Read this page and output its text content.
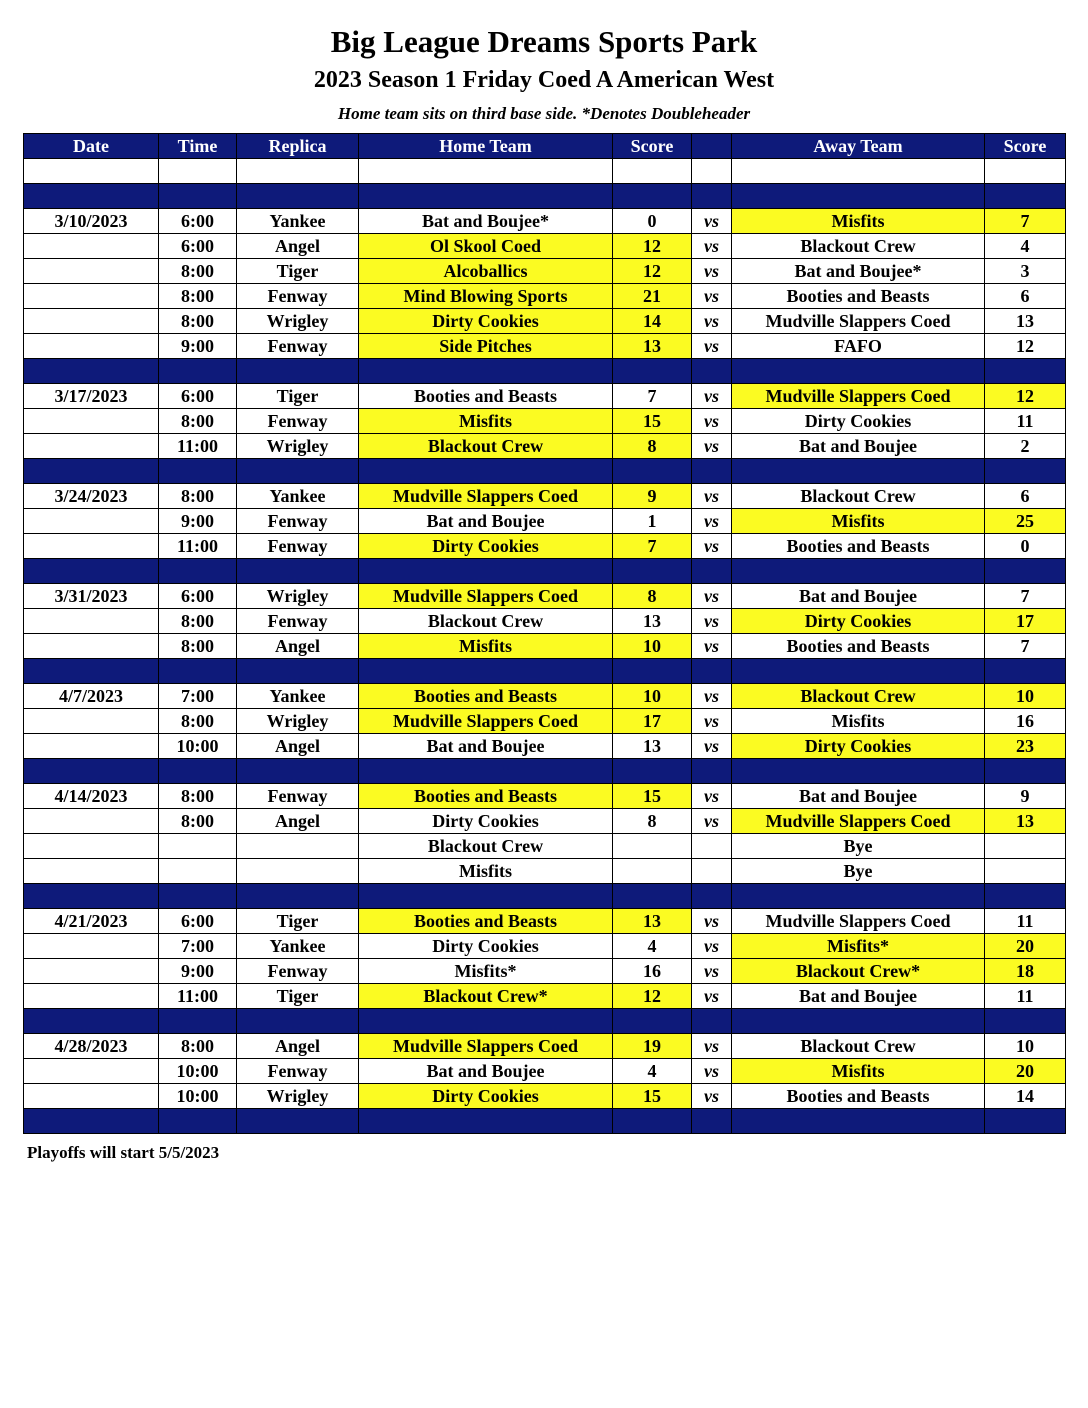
Big League Dreams Sports Park
2023 Season 1 Friday Coed A American West
Home team sits on third base side. *Denotes Doubleheader
Date	Time	Replica	Home Team	Score		Away Team	Score

3/10/2023	6:00	Yankee	Bat and Boujee*	0	vs	Misfits	7
	6:00	Angel	Ol Skool Coed	12	vs	Blackout Crew	4
	8:00	Tiger	Alcoballics	12	vs	Bat and Boujee*	3
	8:00	Fenway	Mind Blowing Sports	21	vs	Booties and Beasts	6
	8:00	Wrigley	Dirty Cookies	14	vs	Mudville Slappers Coed	13
	9:00	Fenway	Side Pitches	13	vs	FAFO	12

3/17/2023	6:00	Tiger	Booties and Beasts	7	vs	Mudville Slappers Coed	12
	8:00	Fenway	Misfits	15	vs	Dirty Cookies	11
	11:00	Wrigley	Blackout Crew	8	vs	Bat and Boujee	2

3/24/2023	8:00	Yankee	Mudville Slappers Coed	9	vs	Blackout Crew	6
	9:00	Fenway	Bat and Boujee	1	vs	Misfits	25
	11:00	Fenway	Dirty Cookies	7	vs	Booties and Beasts	0

3/31/2023	6:00	Wrigley	Mudville Slappers Coed	8	vs	Bat and Boujee	7
	8:00	Fenway	Blackout Crew	13	vs	Dirty Cookies	17
	8:00	Angel	Misfits	10	vs	Booties and Beasts	7

4/7/2023	7:00	Yankee	Booties and Beasts	10	vs	Blackout Crew	10
	8:00	Wrigley	Mudville Slappers Coed	17	vs	Misfits	16
	10:00	Angel	Bat and Boujee	13	vs	Dirty Cookies	23

4/14/2023	8:00	Fenway	Booties and Beasts	15	vs	Bat and Boujee	9
	8:00	Angel	Dirty Cookies	8	vs	Mudville Slappers Coed	13
			Blackout Crew			Bye	
			Misfits			Bye	

4/21/2023	6:00	Tiger	Booties and Beasts	13	vs	Mudville Slappers Coed	11
	7:00	Yankee	Dirty Cookies	4	vs	Misfits*	20
	9:00	Fenway	Misfits*	16	vs	Blackout Crew*	18
	11:00	Tiger	Blackout Crew*	12	vs	Bat and Boujee	11

4/28/2023	8:00	Angel	Mudville Slappers Coed	19	vs	Blackout Crew	10
	10:00	Fenway	Bat and Boujee	4	vs	Misfits	20
	10:00	Wrigley	Dirty Cookies	15	vs	Booties and Beasts	14

Playoffs will start 5/5/2023
